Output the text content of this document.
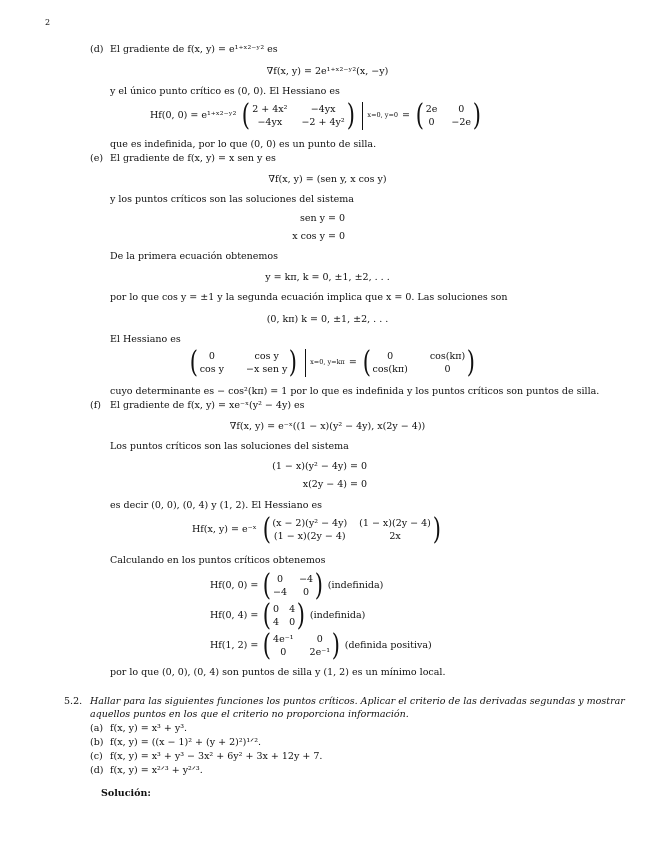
2
(d) El gradiente de f(x, y) = e¹⁺ˣ²⁻ʸ² es
∇f(x, y) = 2e¹⁺ˣ²⁻ʸ²(x, −y)
y el único punto crítico es (0, 0). El Hessiano es
Hf(0, 0) = e¹⁺ˣ²⁻ʸ² ( 2 + 4x²	−4yx
−4yx	−2 + 4y² ) x=0, y=0 = ( 2e	0
0 −2e )
que es indefinida, por lo que (0, 0) es un punto de silla.
(e) El gradiente de f(x, y) = x sen y es
∇f(x, y) = (sen y, x cos y)
y los puntos críticos son las soluciones del sistema
sen y = 0
x cos y = 0
De la primera ecuación obtenemos
y = kπ, k = 0, ±1, ±2, . . .
por lo que cos y = ±1 y la segunda ecuación implica que x = 0. Las soluciones son
(0, kπ) k = 0, ±1, ±2, . . .
El Hessiano es
(	0	cos y
cos y −x sen y ) x=0, y=kπ = (	0	cos(kπ)
cos(kπ)	0 )
cuyo determinante es − cos²(kπ) = 1 por lo que es indefinida y los puntos críticos son puntos de silla.
(f) El gradiente de f(x, y) = xe⁻ˣ(y² − 4y) es
∇f(x, y) = e⁻ˣ((1 − x)(y² − 4y), x(2y − 4))
Los puntos críticos son las soluciones del sistema
(1 − x)(y² − 4y) = 0
x(2y − 4) = 0
es decir (0, 0), (0, 4) y (1, 2). El Hessiano es
Hf(x, y) = e⁻ˣ ( (x − 2)(y² − 4y) (1 − x)(2y − 4)
(1 − x)(2y − 4)	2x	)
Calculando en los puntos críticos obtenemos
Hf(0, 0) = ( 0	−4
−4	0 ) (indefinida)
Hf(0, 4) = ( 0 4
4 0 ) (indefinida)
Hf(1, 2) = ( 4e⁻¹	0
0	2e⁻¹ ) (definida positiva)
por lo que (0, 0), (0, 4) son puntos de silla y (1, 2) es un mínimo local.
5.2. Hallar para las siguientes funciones los puntos críticos. Aplicar el criterio de las derivadas segundas y mostrar
aquellos puntos en los que el criterio no proporciona información.
(a) f(x, y) = x³ + y³.
(b) f(x, y) = ((x − 1)² + (y + 2)²)¹ᐟ².
(c) f(x, y) = x³ + y³ − 3x² + 6y² + 3x + 12y + 7.
(d) f(x, y) = x²ᐟ³ + y²ᐟ³.
Solución:
